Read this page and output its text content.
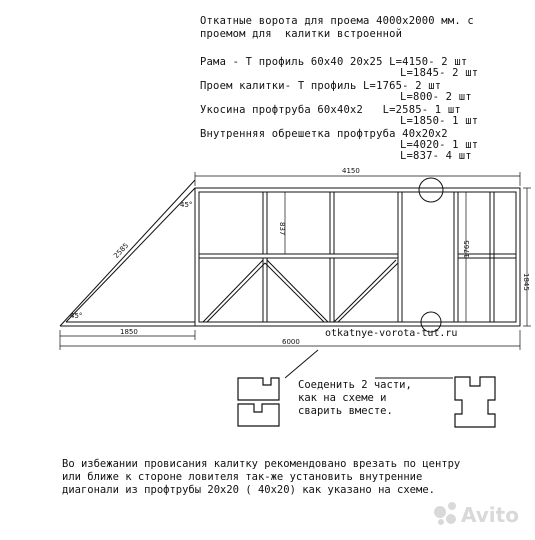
Откатные ворота для проема 4000х2000 мм. с
проемом для  калитки встроенной
Рама - Т профиль 60х40 20х25 L=4150- 2 шт
L=1845- 2 шт
Проем калитки- Т профиль L=1765- 2 шт
L=800- 2 шт
Укосина профтруба 60х40х2   L=2585- 1 шт
L=1850- 1 шт
Внутренняя обрешетка профтруба 40х20х2
L=4020- 1 шт
L=837- 4 шт
4150
1845
837
1765
2585
1850
6000
45°
45°
otkatnye-vorota-tut.ru
Соеденить 2 части,
как на схеме и
сварить вместе.
Avito
Во избежании провисания калитку рекомендовано врезать по центру
или ближе к стороне ловителя так-же установить внутренние
диагонали из профтрубы 20х20 ( 40х20) как указано на схеме.
